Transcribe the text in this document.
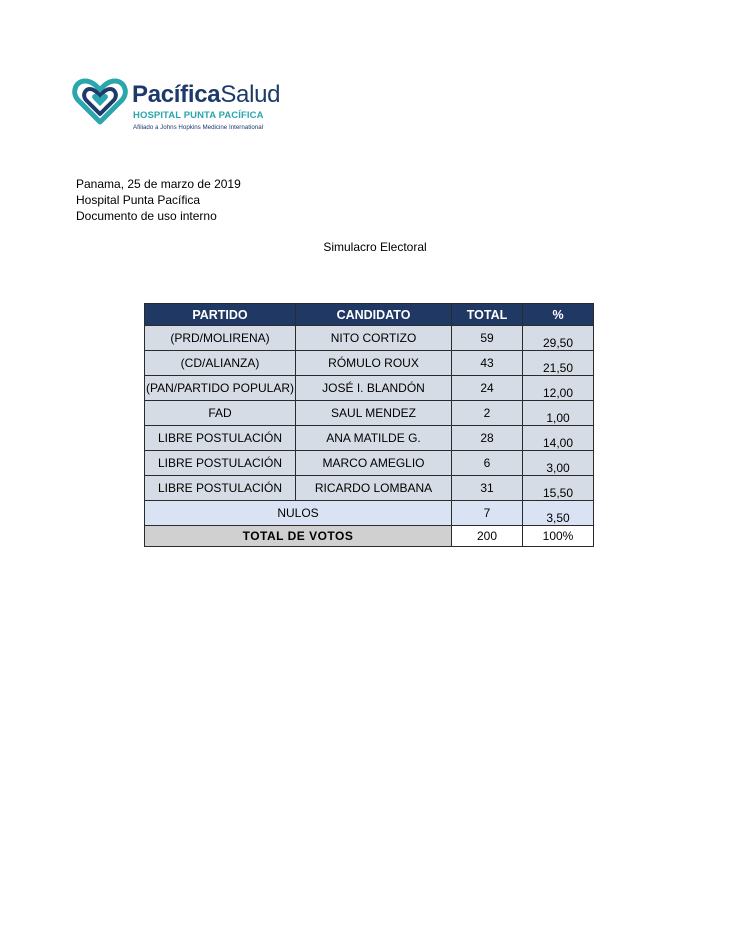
PacíficaSalud
HOSPITAL PUNTA PACÍFICA
Afiliado a Johns Hopkins Medicine International
Panama, 25 de marzo de 2019
Hospital Punta Pacífica
Documento de uso interno
Simulacro Electoral
PARTIDO	CANDIDATO	TOTAL	%
(PRD/MOLIRENA)	NITO CORTIZO	59	29,50
(CD/ALIANZA)	RÓMULO ROUX	43	21,50
(PAN/PARTIDO POPULAR)	JOSÉ I. BLANDÓN	24	12,00
FAD	SAUL MENDEZ	2	1,00
LIBRE POSTULACIÓN	ANA MATILDE G.	28	14,00
LIBRE POSTULACIÓN	MARCO AMEGLIO	6	3,00
LIBRE POSTULACIÓN	RICARDO LOMBANA	31	15,50
NULOS		7	3,50
TOTAL DE VOTOS		200	100%
